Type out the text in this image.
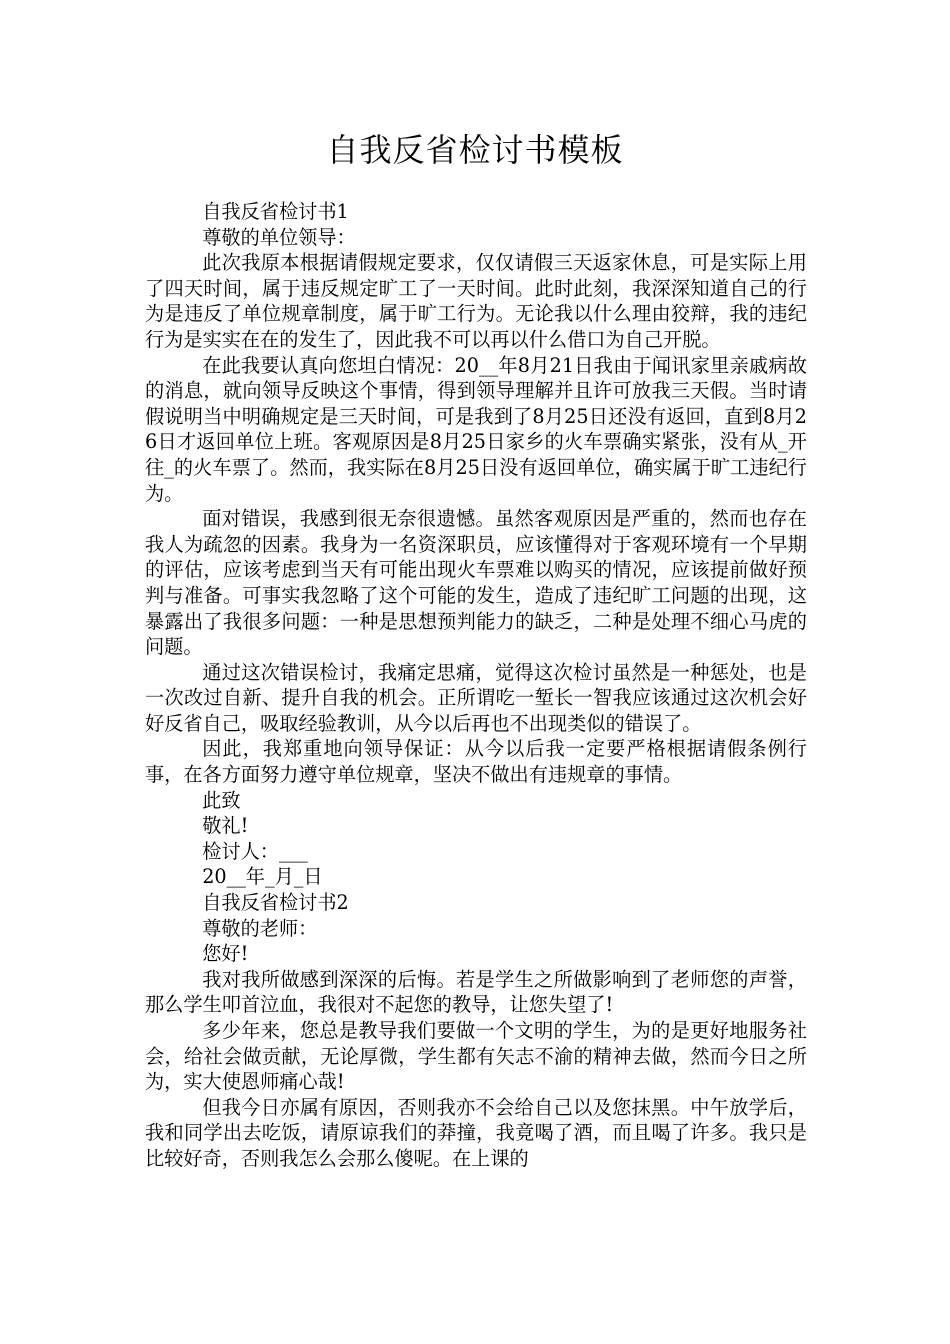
自我反省检讨书模板

自我反省检讨书1

尊敬的单位领导：

此次我原本根据请假规定要求，仅仅请假三天返家休息，可是实际上用了四天时间，属于违反规定旷工了一天时间。此时此刻，我深深知道自己的行为是违反了单位规章制度，属于旷工行为。无论我以什么理由狡辩，我的违纪行为是实实在在的发生了，因此我不可以再以什么借口为自己开脱。

在此我要认真向您坦白情况：20__年8月21日我由于闻讯家里亲戚病故的消息，就向领导反映这个事情，得到领导理解并且许可放我三天假。当时请假说明当中明确规定是三天时间，可是我到了8月25日还没有返回，直到8月26日才返回单位上班。客观原因是8月25日家乡的火车票确实紧张，没有从_开往_的火车票了。然而，我实际在8月25日没有返回单位，确实属于旷工违纪行为。

面对错误，我感到很无奈很遗憾。虽然客观原因是严重的，然而也存在我人为疏忽的因素。我身为一名资深职员，应该懂得对于客观环境有一个早期的评估，应该考虑到当天有可能出现火车票难以购买的情况，应该提前做好预判与准备。可事实我忽略了这个可能的发生，造成了违纪旷工问题的出现，这暴露出了我很多问题：一种是思想预判能力的缺乏，二种是处理不细心马虎的问题。

通过这次错误检讨，我痛定思痛，觉得这次检讨虽然是一种惩处，也是一次改过自新、提升自我的机会。正所谓吃一堑长一智我应该通过这次机会好好反省自己，吸取经验教训，从今以后再也不出现类似的错误了。

因此，我郑重地向领导保证：从今以后我一定要严格根据请假条例行事，在各方面努力遵守单位规章，坚决不做出有违规章的事情。

此致

敬礼!

检讨人：___

20__年_月_日

自我反省检讨书2

尊敬的老师：

您好!

我对我所做感到深深的后悔。若是学生之所做影响到了老师您的声誉，那么学生叩首泣血，我很对不起您的教导，让您失望了!

多少年来，您总是教导我们要做一个文明的学生，为的是更好地服务社会，给社会做贡献，无论厚微，学生都有矢志不渝的精神去做，然而今日之所为，实大使恩师痛心哉!

但我今日亦属有原因，否则我亦不会给自己以及您抹黑。中午放学后，我和同学出去吃饭，请原谅我们的莽撞，我竟喝了酒，而且喝了许多。我只是比较好奇，否则我怎么会那么傻呢。在上课的
